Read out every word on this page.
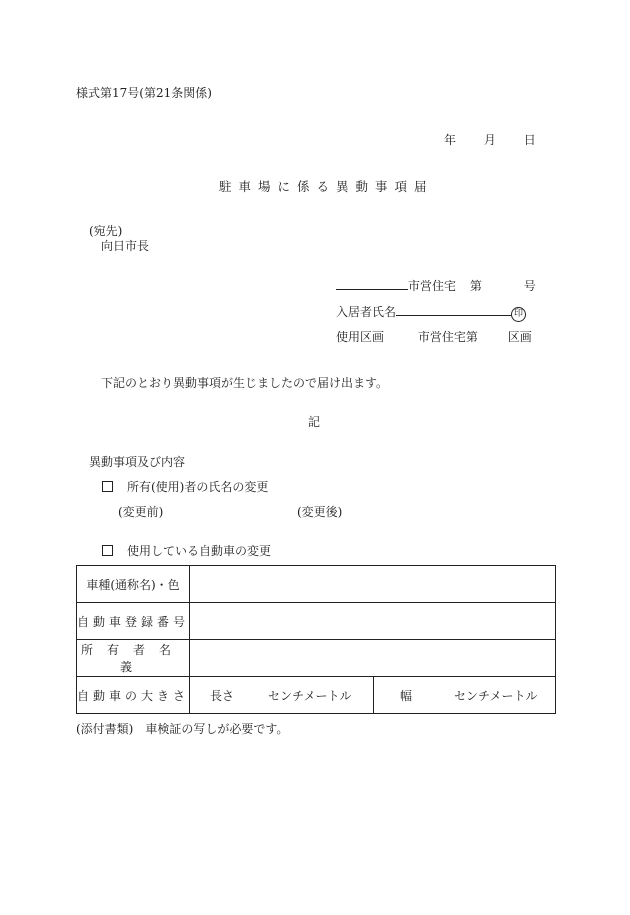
様式第17号(第21条関係)
年 月 日
駐車場に係る異動事項届
(宛先)
向日市長
市営住宅 第	号
入居者氏名	印
使用区画	市営住宅第 区画
下記のとおり異動事項が生じましたので届け出ます。
記
異動事項及び内容
所有(使用)者の氏名の変更
(変更前)	(変更後)
使用している自動車の変更
車種(通称名)・色	
自動車登録番号	
所有者名義	
自動車の大きさ	長さ センチメートル 幅 センチメートル
(添付書類)　車検証の写しが必要です。
